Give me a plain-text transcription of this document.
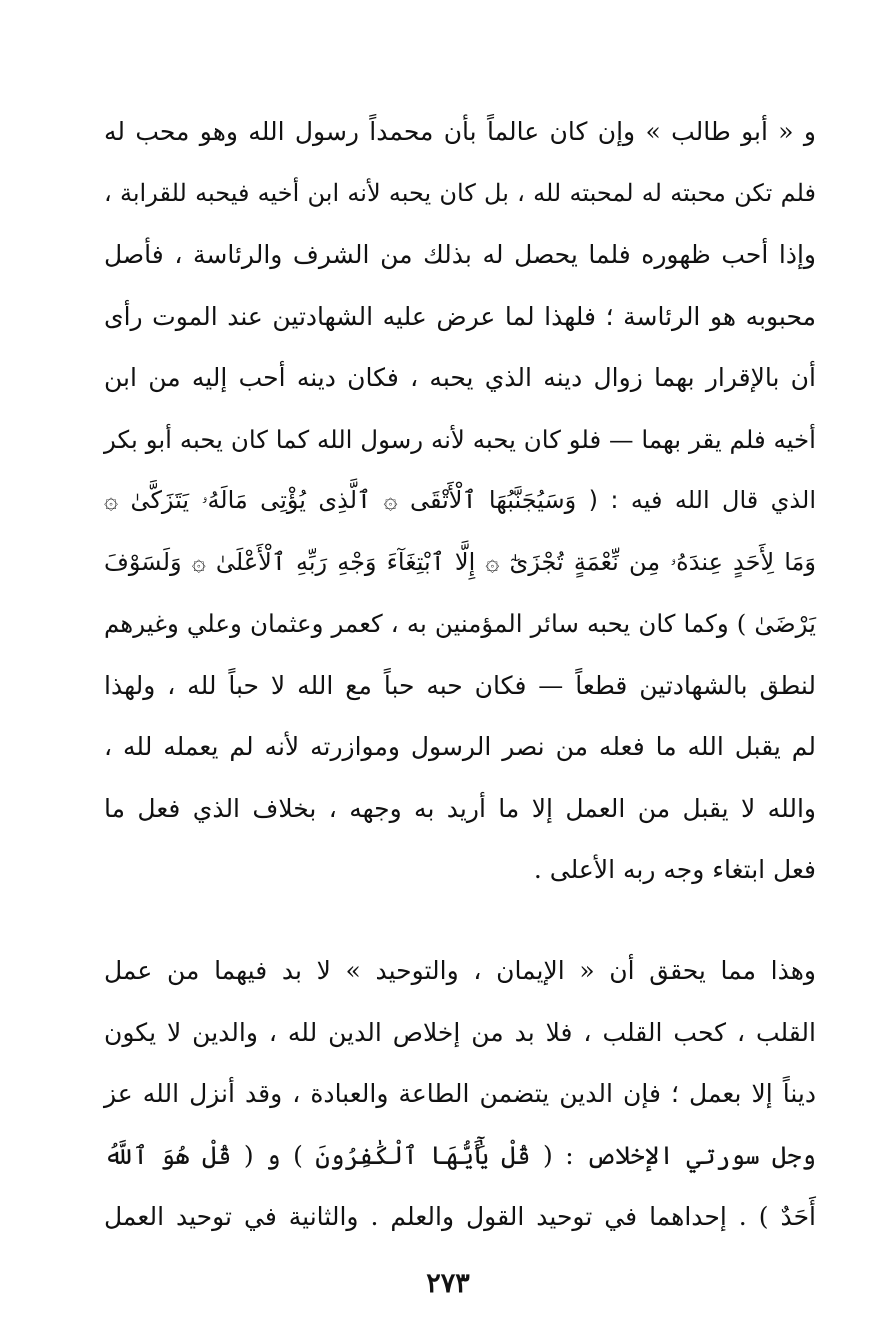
و « أبو طالب » وإن كان عالماً بأن محمداً رسول الله وهو محب له
فلم تكن محبته له لمحبته لله ، بل كان يحبه لأنه ابن أخيه فيحبه للقرابة ،
وإذا أحب ظهوره فلما يحصل له بذلك من الشرف والرئاسة ، فأصل
محبوبه هو الرئاسة ؛ فلهذا لما عرض عليه الشهادتين عند الموت رأى
أن بالإقرار بهما زوال دينه الذي يحبه ، فكان دينه أحب إليه من ابن
أخيه فلم يقر بهما — فلو كان يحبه لأنه رسول الله كما كان يحبه أبو بكر
الذي قال الله فيه : ( وَسَيُجَنَّبُهَا ٱلْأَتْقَى ۞ ٱلَّذِى يُؤْتِى مَالَهُۥ يَتَزَكَّىٰ ۞
وَمَا لِأَحَدٍ عِندَهُۥ مِن نِّعْمَةٍ تُجْزَىٰٓ ۞ إِلَّا ٱبْتِغَآءَ وَجْهِ رَبِّهِ ٱلْأَعْلَىٰ ۞ وَلَسَوْفَ
يَرْضَىٰ ) وكما كان يحبه سائر المؤمنين به ، كعمر وعثمان وعلي وغيرهم
لنطق بالشهادتين قطعاً — فكان حبه حباً مع الله لا حباً لله ، ولهذا
لم يقبل الله ما فعله من نصر الرسول وموازرته لأنه لم يعمله لله ،
والله لا يقبل من العمل إلا ما أريد به وجهه ، بخلاف الذي فعل ما
فعل ابتغاء وجه ربه الأعلى .
وهذا مما يحقق أن « الإيمان ، والتوحيد » لا بد فيهما من عمل
القلب ، كحب القلب ، فلا بد من إخلاص الدين لله ، والدين لا يكون
ديناً إلا بعمل ؛ فإن الدين يتضمن الطاعة والعبادة ، وقد أنزل الله عز
وجل سورتي الإخلاص : ( قُلْ يَٰٓأَيُّهَا ٱلْكَٰفِرُونَ ) و ( قُلْ هُوَ ٱللَّهُ
أَحَدٌ ) . إحداهما في توحيد القول والعلم . والثانية في توحيد العمل
٢٧٣
